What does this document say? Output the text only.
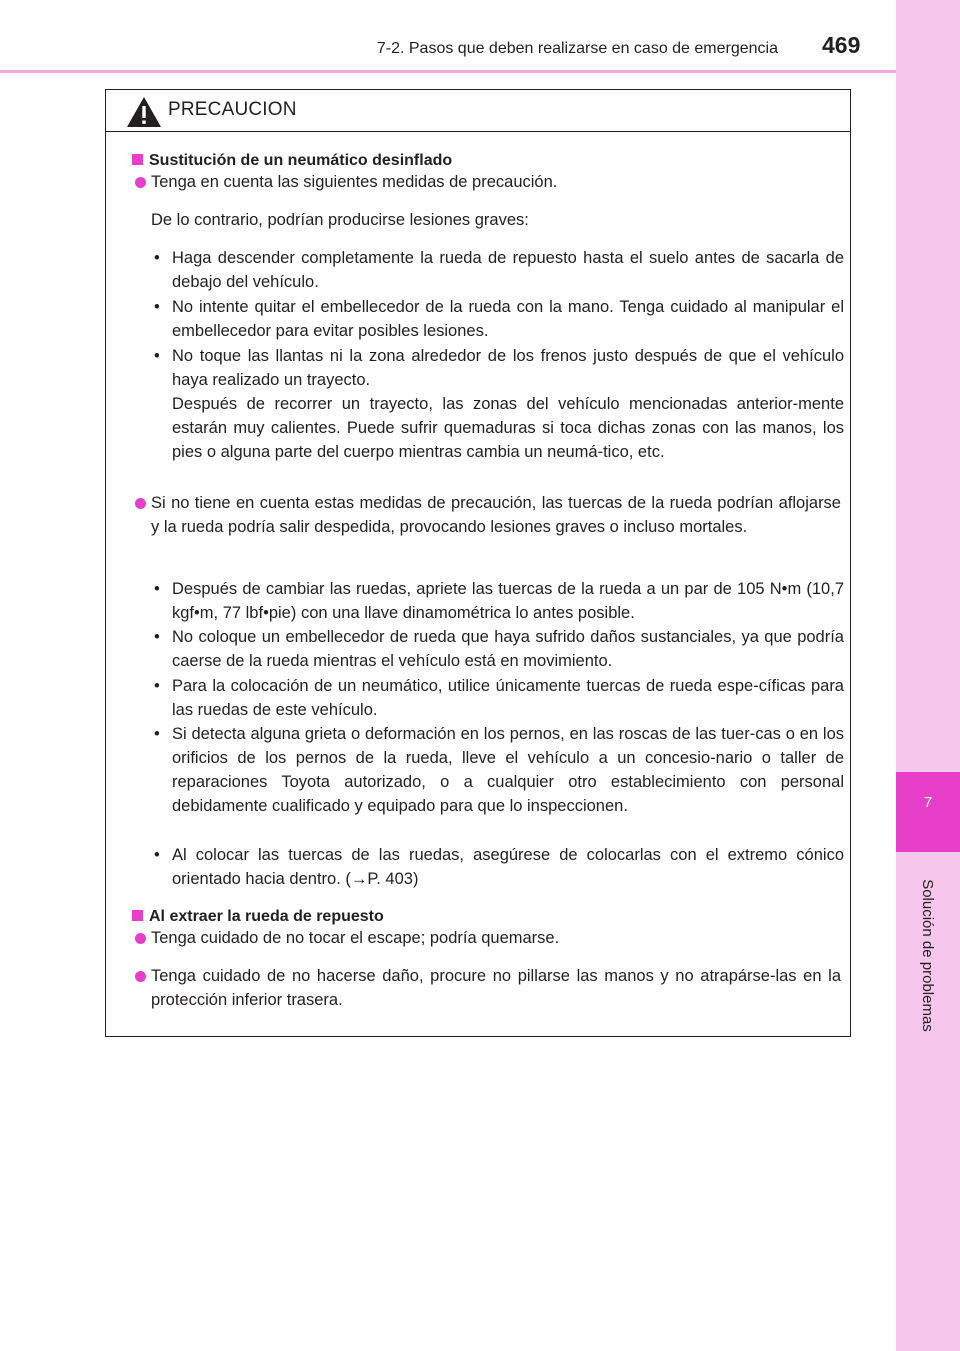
7-2. Pasos que deben realizarse en caso de emergencia 469
7
Solución de problemas
PRECAUCION
Sustitución de un neumático desinflado
Tenga en cuenta las siguientes medidas de precaución.
De lo contrario, podrían producirse lesiones graves:
• Haga descender completamente la rueda de repuesto hasta el suelo antes de sacarla de debajo del vehículo.
• No intente quitar el embellecedor de la rueda con la mano. Tenga cuidado al manipular el embellecedor para evitar posibles lesiones.
• No toque las llantas ni la zona alrededor de los frenos justo después de que el vehículo haya realizado un trayecto.
Después de recorrer un trayecto, las zonas del vehículo mencionadas anterior-mente estarán muy calientes. Puede sufrir quemaduras si toca dichas zonas con las manos, los pies o alguna parte del cuerpo mientras cambia un neumá-tico, etc.
Si no tiene en cuenta estas medidas de precaución, las tuercas de la rueda podrían aflojarse y la rueda podría salir despedida, provocando lesiones graves o incluso mortales.
• Después de cambiar las ruedas, apriete las tuercas de la rueda a un par de 105 N•m (10,7 kgf•m, 77 lbf•pie) con una llave dinamométrica lo antes posible.
• No coloque un embellecedor de rueda que haya sufrido daños sustanciales, ya que podría caerse de la rueda mientras el vehículo está en movimiento.
• Para la colocación de un neumático, utilice únicamente tuercas de rueda espe-cíficas para las ruedas de este vehículo.
• Si detecta alguna grieta o deformación en los pernos, en las roscas de las tuer-cas o en los orificios de los pernos de la rueda, lleve el vehículo a un concesio-nario o taller de reparaciones Toyota autorizado, o a cualquier otro establecimiento con personal debidamente cualificado y equipado para que lo inspeccionen.
• Al colocar las tuercas de las ruedas, asegúrese de colocarlas con el extremo cónico orientado hacia dentro. (→P. 403)
Al extraer la rueda de repuesto
Tenga cuidado de no tocar el escape; podría quemarse.
Tenga cuidado de no hacerse daño, procure no pillarse las manos y no atrapárse-las en la protección inferior trasera.
